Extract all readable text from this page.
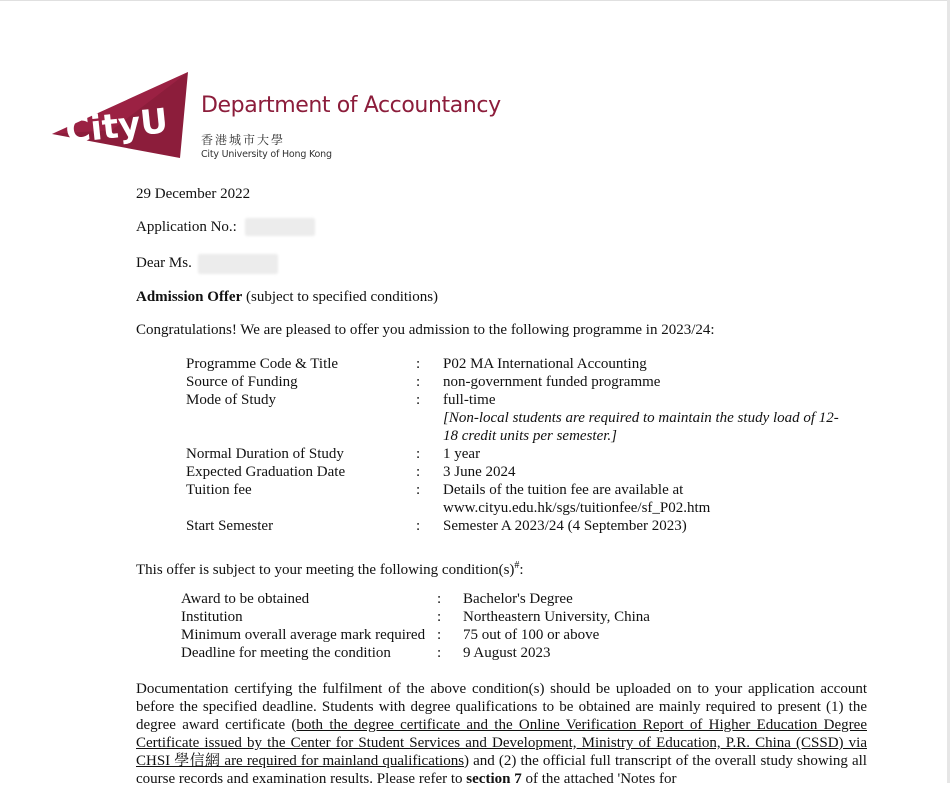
CityU Department of Accountancy
香港城市大學
City University of Hong Kong
29 December 2022
Application No.:
Dear Ms.
Admission Offer (subject to specified conditions)
Congratulations! We are pleased to offer you admission to the following programme in 2023/24:
Programme Code & Title	: P02 MA International Accounting
Source of Funding	: non-government funded programme
Mode of Study	: full-time
[Non-local students are required to maintain the study load of 12-
18 credit units per semester.]
Normal Duration of Study	: 1 year
Expected Graduation Date	: 3 June 2024
Tuition fee	: Details of the tuition fee are available at
www.cityu.edu.hk/sgs/tuitionfee/sf_P02.htm
Start Semester	: Semester A 2023/24 (4 September 2023)
This offer is subject to your meeting the following condition(s)#:
Award to be obtained	: Bachelor's Degree
Institution	: Northeastern University, China
Minimum overall average mark required : 75 out of 100 or above
Deadline for meeting the condition	: 9 August 2023
Documentation certifying the fulfilment of the above condition(s) should be uploaded on to your application account before the specified deadline. Students with degree qualifications to be obtained are mainly required to present (1) the degree award certificate (both the degree certificate and the Online Verification Report of Higher Education Degree Certificate issued by the Center for Student Services and Development, Ministry of Education, P.R. China (CSSD) via CHSI 學信網 are required for mainland qualifications) and (2) the official full transcript of the overall study showing all course records and examination results. Please refer to section 7 of the attached 'Notes for
